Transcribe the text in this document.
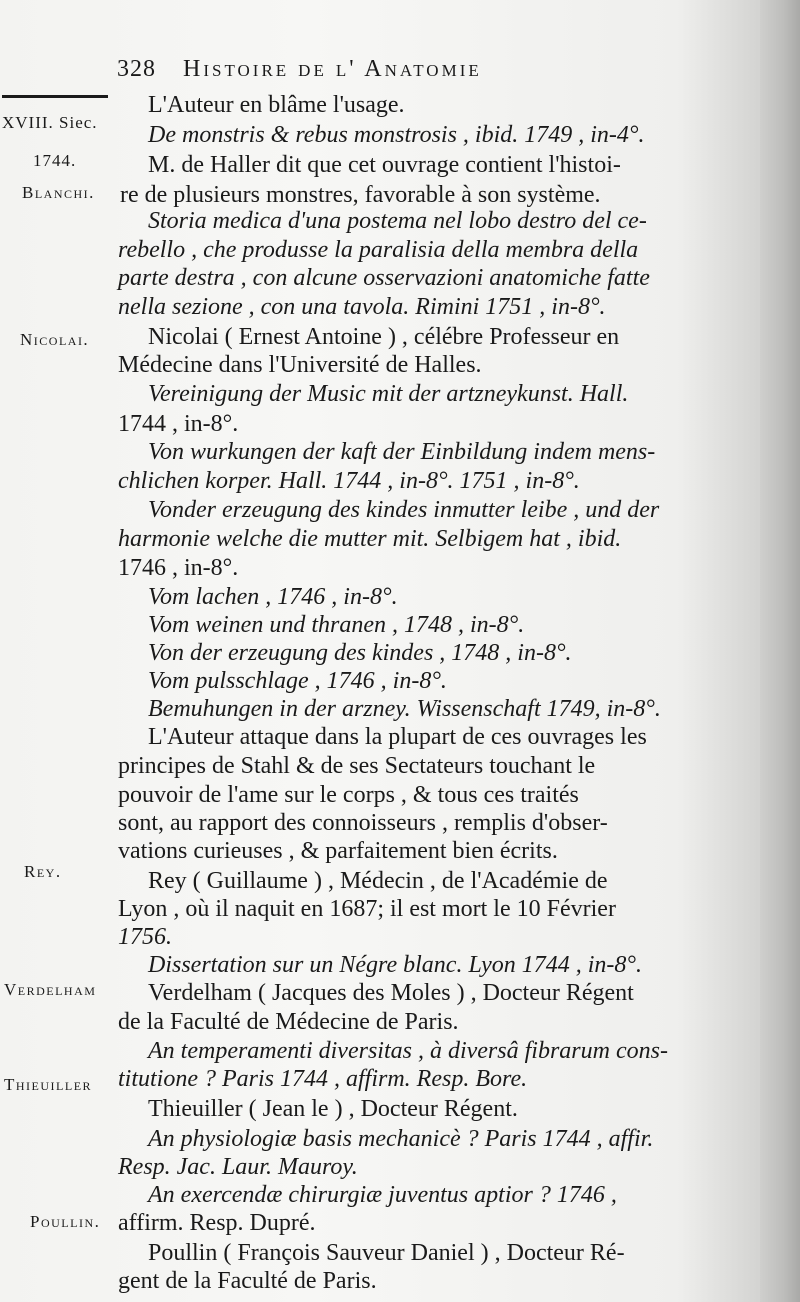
328 Histoire de l' Anatomie
XVIII. Siec.
1744.
Blanchi.
Nicolai.
Rey.
Verdelham
Thieuiller
Poullin.
L'Auteur en blâme l'usage.
De monstris & rebus monstrosis , ibid. 1749 , in-4°.
M. de Haller dit que cet ouvrage contient l'histoi-
re de plusieurs monstres, favorable à son système.
Storia medica d'una postema nel lobo destro del ce-
rebello , che produsse la paralisia della membra della
parte destra , con alcune osservazioni anatomiche fatte
nella sezione , con una tavola. Rimini 1751 , in-8°.
Nicolai ( Ernest Antoine ) , célébre Professeur en
Médecine dans l'Université de Halles.
Vereinigung der Music mit der artzneykunst. Hall.
1744 , in-8°.
Von wurkungen der kaft der Einbildung indem mens-
chlichen korper. Hall. 1744 , in-8°. 1751 , in-8°.
Vonder erzeugung des kindes inmutter leibe , und der
harmonie welche die mutter mit. Selbigem hat , ibid.
1746 , in-8°.
Vom lachen , 1746 , in-8°.
Vom weinen und thranen , 1748 , in-8°.
Von der erzeugung des kindes , 1748 , in-8°.
Vom pulsschlage , 1746 , in-8°.
Bemuhungen in der arzney. Wissenschaft 1749, in-8°.
L'Auteur attaque dans la plupart de ces ouvrages les
principes de Stahl & de ses Sectateurs touchant le
pouvoir de l'ame sur le corps , & tous ces traités
sont, au rapport des connoisseurs , remplis d'obser-
vations curieuses , & parfaitement bien écrits.
Rey ( Guillaume ) , Médecin , de l'Académie de
Lyon , où il naquit en 1687; il est mort le 10 Février
1756.
Dissertation sur un Négre blanc. Lyon 1744 , in-8°.
Verdelham ( Jacques des Moles ) , Docteur Régent
de la Faculté de Médecine de Paris.
An temperamenti diversitas , à diversâ fibrarum cons-
titutione ? Paris 1744 , affirm. Resp. Bore.
Thieuiller ( Jean le ) , Docteur Régent.
An physiologiæ basis mechanicè ? Paris 1744 , affir.
Resp. Jac. Laur. Mauroy.
An exercendæ chirurgiæ juventus aptior ? 1746 ,
affirm. Resp. Dupré.
Poullin ( François Sauveur Daniel ) , Docteur Ré-
gent de la Faculté de Paris.
